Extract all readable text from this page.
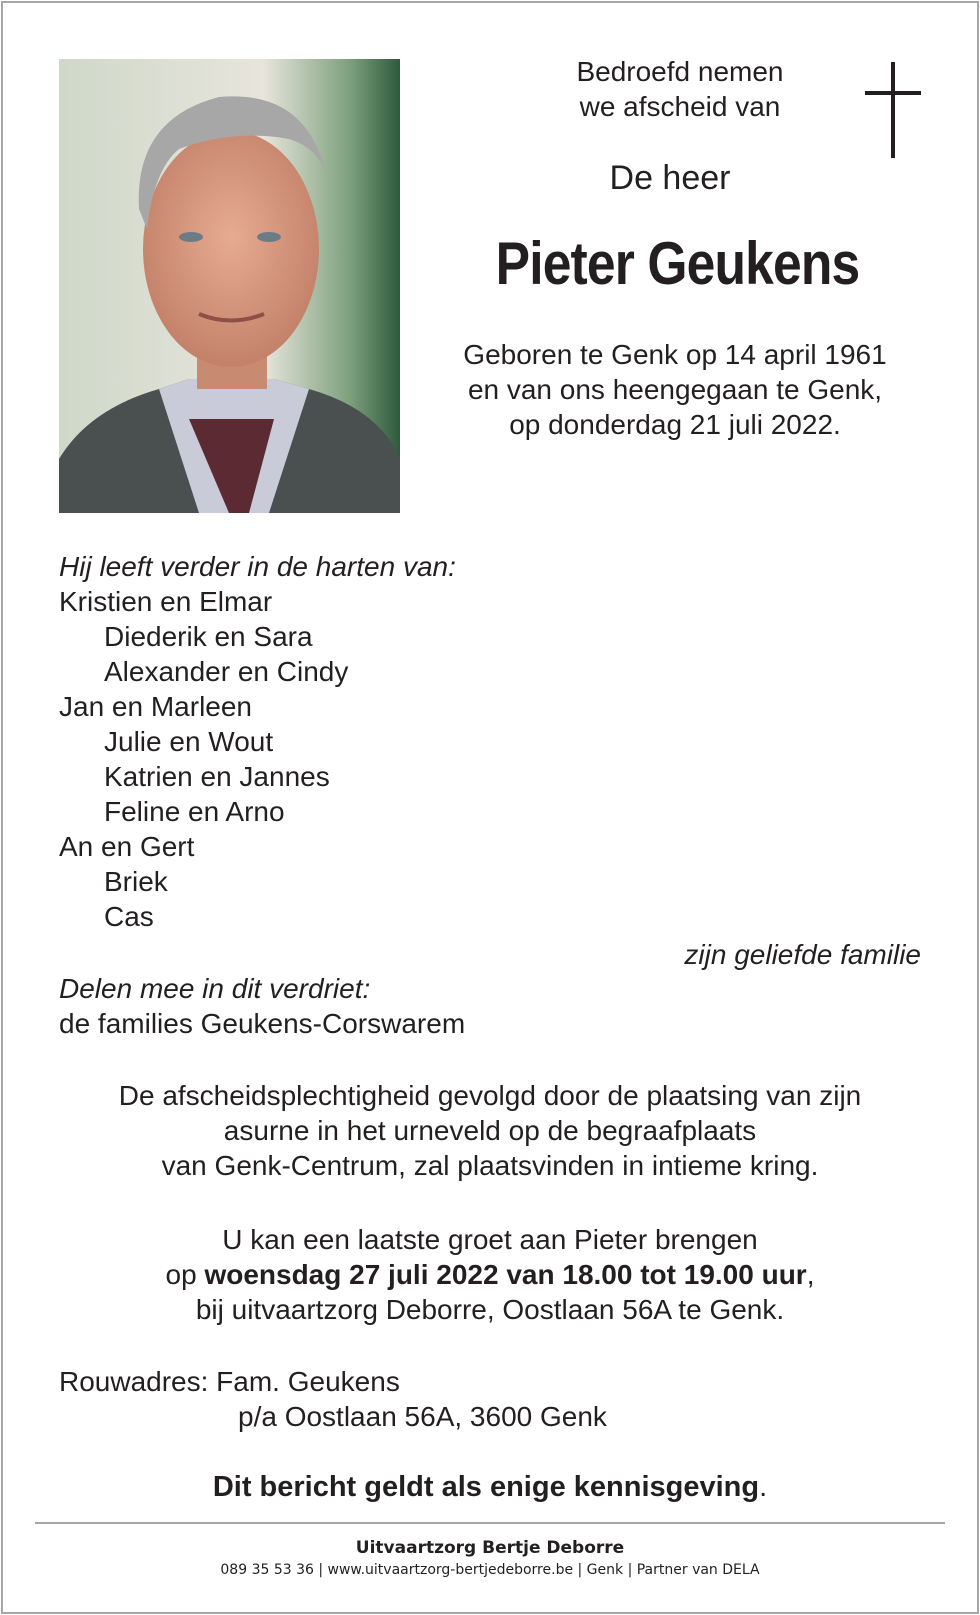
Bedroefd nemen

we afscheid van

De heer

Pieter Geukens

Geboren te Genk op 14 april 1961

en van ons heengegaan te Genk,

op donderdag 21 juli 2022.

Hij leeft verder in de harten van:

Kristien en Elmar

Diederik en Sara

Alexander en Cindy

Jan en Marleen

Julie en Wout

Katrien en Jannes

Feline en Arno

An en Gert

Briek

Cas

zijn geliefde familie

Delen mee in dit verdriet:

de families Geukens-Corswarem

De afscheidsplechtigheid gevolgd door de plaatsing van zijn

asurne in het urneveld op de begraafplaats

van Genk-Centrum, zal plaatsvinden in intieme kring.

U kan een laatste groet aan Pieter brengen

op woensdag 27 juli 2022 van 18.00 tot 19.00 uur,

bij uitvaartzorg Deborre, Oostlaan 56A te Genk.

Rouwadres: Fam. Geukens

p/a Oostlaan 56A, 3600 Genk

Dit bericht geldt als enige kennisgeving.

Uitvaartzorg Bertje Deborre

089 35 53 36 | www.uitvaartzorg-bertjedeborre.be | Genk | Partner van DELA
